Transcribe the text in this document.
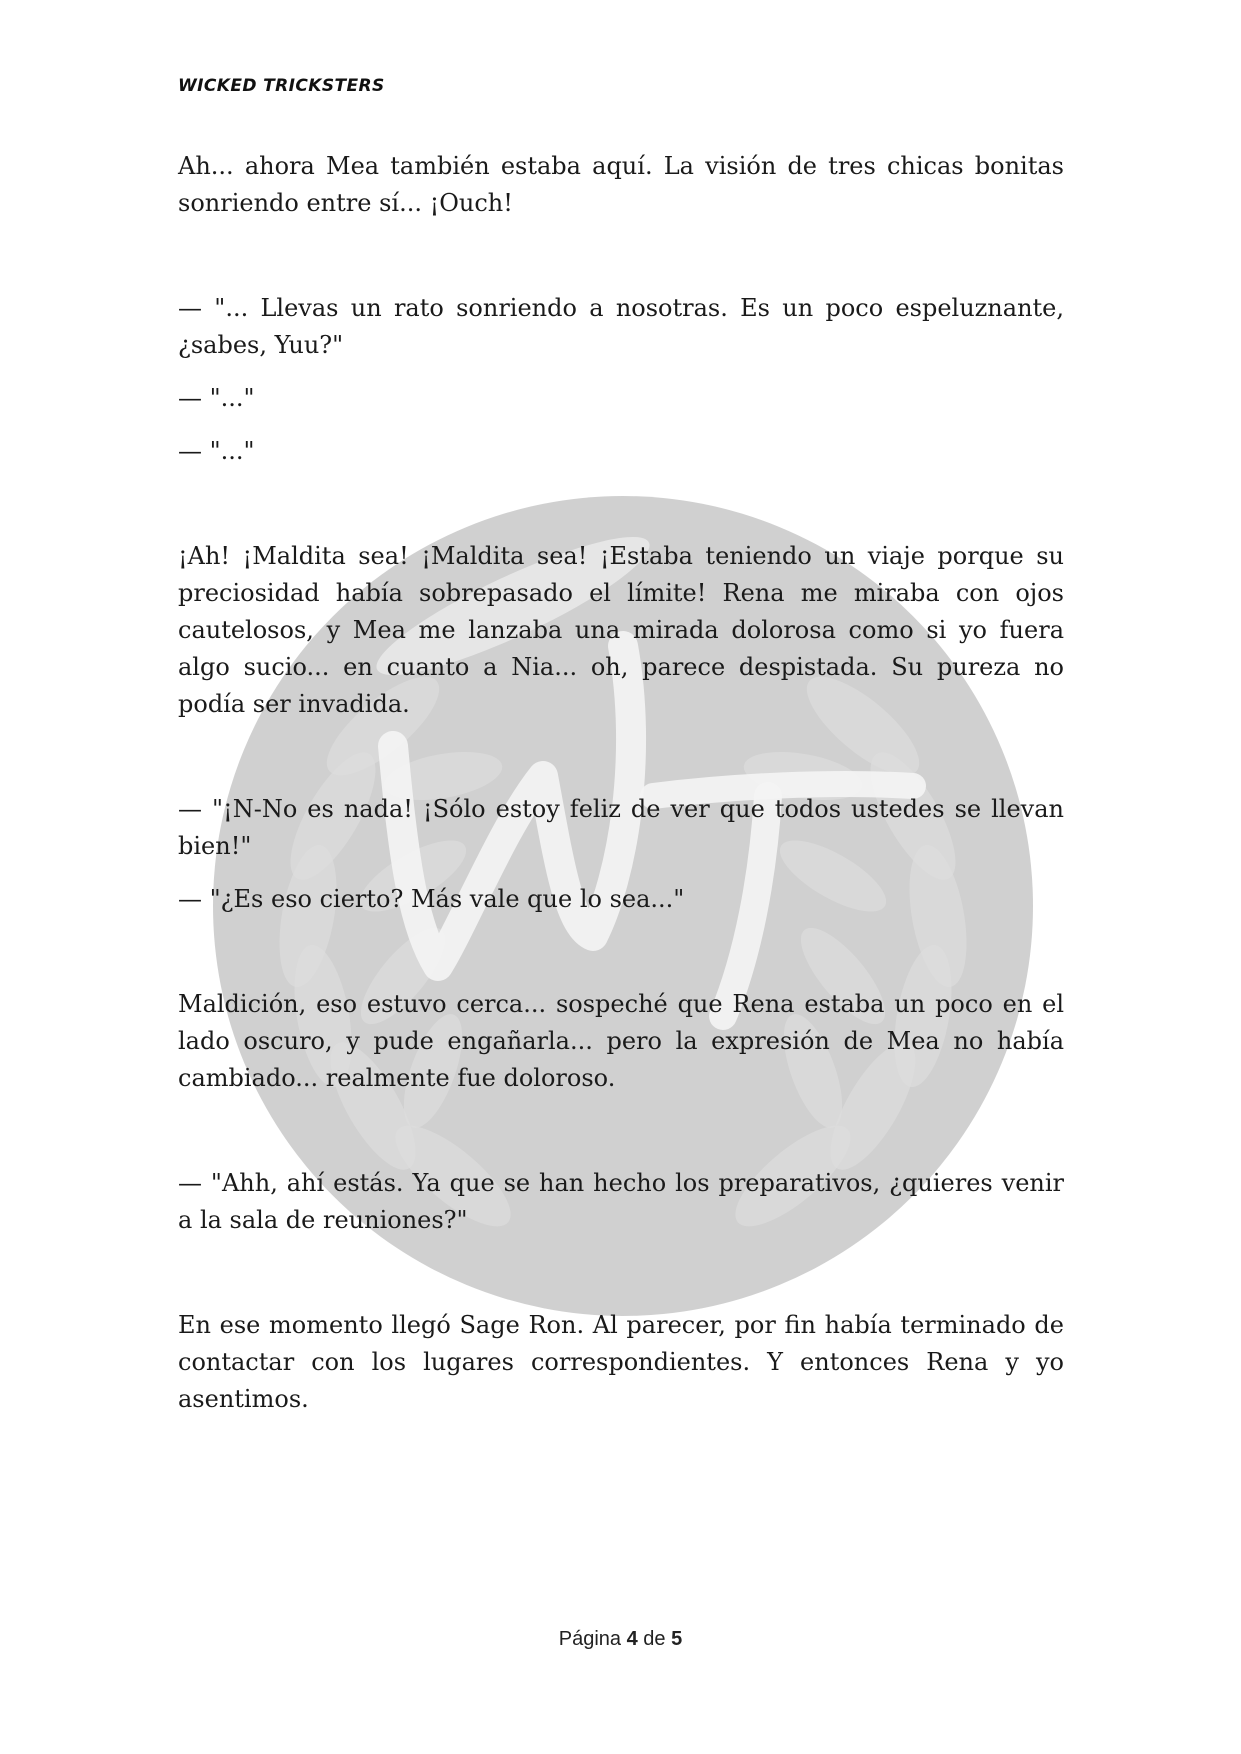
WICKED TRICKSTERS

Ah... ahora Mea también estaba aquí. La visión de tres chicas bonitas sonriendo entre sí... ¡Ouch!

— "... Llevas un rato sonriendo a nosotras. Es un poco espeluznante, ¿sabes, Yuu?"

— "..."

— "..."

¡Ah! ¡Maldita sea! ¡Maldita sea! ¡Estaba teniendo un viaje porque su preciosidad había sobrepasado el límite! Rena me miraba con ojos cautelosos, y Mea me lanzaba una mirada dolorosa como si yo fuera algo sucio... en cuanto a Nia... oh, parece despistada. Su pureza no podía ser invadida.

— "¡N-No es nada! ¡Sólo estoy feliz de ver que todos ustedes se llevan bien!"

— "¿Es eso cierto? Más vale que lo sea..."

Maldición, eso estuvo cerca... sospeché que Rena estaba un poco en el lado oscuro, y pude engañarla... pero la expresión de Mea no había cambiado... realmente fue doloroso.

— "Ahh, ahí estás. Ya que se han hecho los preparativos, ¿quieres venir a la sala de reuniones?"

En ese momento llegó Sage Ron. Al parecer, por fin había terminado de contactar con los lugares correspondientes. Y entonces Rena y yo asentimos.

Página 4 de 5
